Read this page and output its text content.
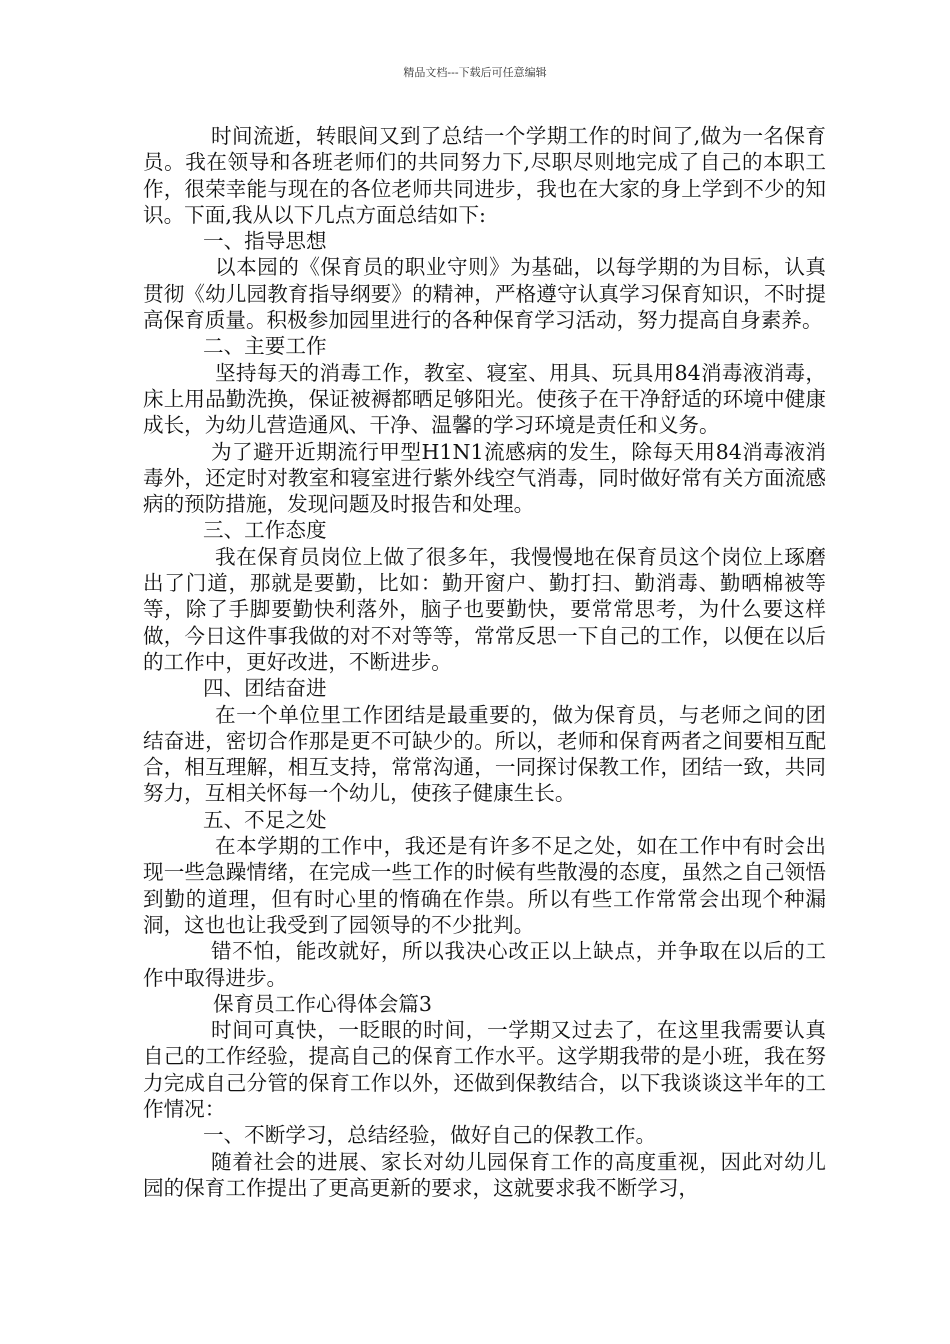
精品文档---下载后可任意编辑

时间流逝，转眼间又到了总结一个学期工作的时间了,做为一名保育员。我在领导和各班老师们的共同努力下,尽职尽则地完成了自己的本职工作，很荣幸能与现在的各位老师共同进步，我也在大家的身上学到不少的知识。下面,我从以下几点方面总结如下:

一、指导思想

以本园的《保育员的职业守则》为基础，以每学期的为目标，认真贯彻《幼儿园教育指导纲要》的精神，严格遵守认真学习保育知识，不时提高保育质量。积极参加园里进行的各种保育学习活动，努力提高自身素养。

二、主要工作

坚持每天的消毒工作，教室、寝室、用具、玩具用84消毒液消毒，床上用品勤洗换，保证被褥都晒足够阳光。使孩子在干净舒适的环境中健康成长，为幼儿营造通风、干净、温馨的学习环境是责任和义务。

为了避开近期流行甲型H1N1流感病的发生，除每天用84消毒液消毒外，还定时对教室和寝室进行紫外线空气消毒，同时做好常有关方面流感病的预防措施，发现问题及时报告和处理。

三、工作态度

我在保育员岗位上做了很多年，我慢慢地在保育员这个岗位上琢磨出了门道，那就是要勤，比如：勤开窗户、勤打扫、勤消毒、勤晒棉被等等，除了手脚要勤快利落外，脑子也要勤快，要常常思考，为什么要这样做，今日这件事我做的对不对等等，常常反思一下自己的工作，以便在以后的工作中，更好改进，不断进步。

四、团结奋进

在一个单位里工作团结是最重要的，做为保育员，与老师之间的团结奋进，密切合作那是更不可缺少的。所以，老师和保育两者之间要相互配合，相互理解，相互支持，常常沟通，一同探讨保教工作，团结一致，共同努力，互相关怀每一个幼儿，使孩子健康生长。

五、不足之处

在本学期的工作中，我还是有许多不足之处，如在工作中有时会出现一些急躁情绪，在完成一些工作的时候有些散漫的态度，虽然之自己领悟到勤的道理，但有时心里的惰确在作祟。所以有些工作常常会出现个种漏洞，这也也让我受到了园领导的不少批判。

错不怕，能改就好，所以我决心改正以上缺点，并争取在以后的工作中取得进步。

保育员工作心得体会篇3

时间可真快，一眨眼的时间，一学期又过去了，在这里我需要认真自己的工作经验，提高自己的保育工作水平。这学期我带的是小班，我在努力完成自己分管的保育工作以外，还做到保教结合，以下我谈谈这半年的工作情况：

一、不断学习，总结经验，做好自己的保教工作。

随着社会的进展、家长对幼儿园保育工作的高度重视，因此对幼儿园的保育工作提出了更高更新的要求，这就要求我不断学习，
